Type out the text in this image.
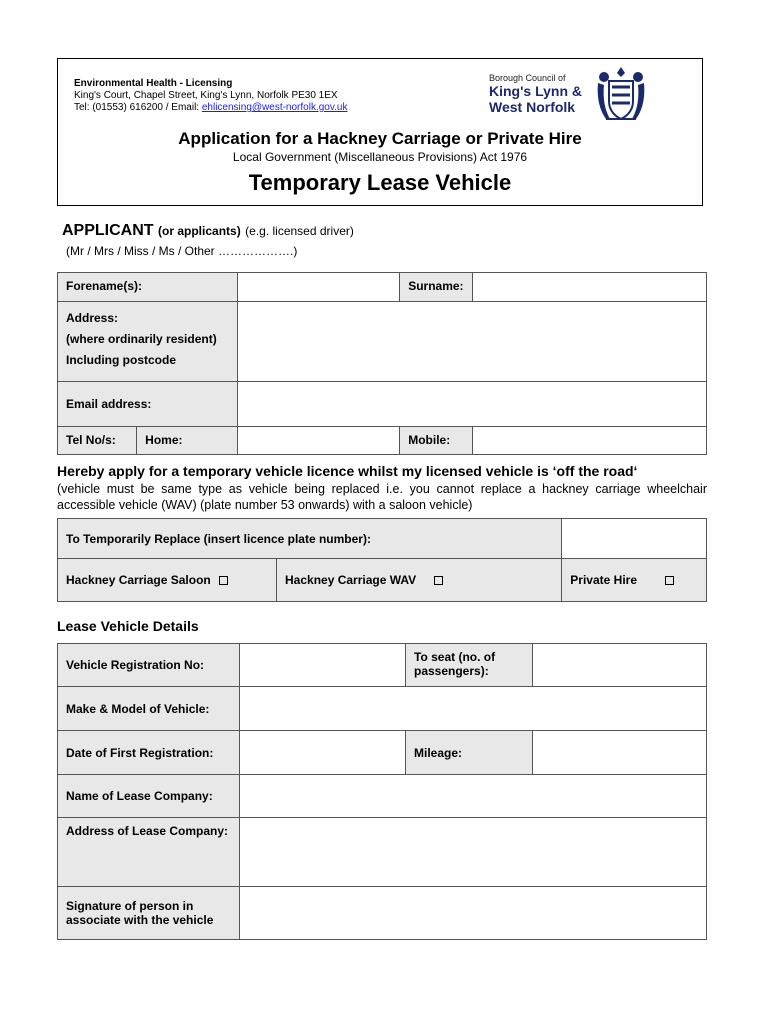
Environmental Health - Licensing
King's Court, Chapel Street, King's Lynn, Norfolk PE30 1EX
Tel: (01553) 616200 / Email: ehlicensing@west-norfolk.gov.uk
Borough Council of
King's Lynn &
West Norfolk
Application for a Hackney Carriage or Private Hire
Local Government (Miscellaneous Provisions) Act 1976
Temporary Lease Vehicle
APPLICANT (or applicants) (e.g. licensed driver)
(Mr / Mrs / Miss / Ms / Other ……………….)
Forename(s):			Surname:	

Address:
(where ordinarily resident)
Including postcode				

Email address:				
Tel No/s:	Home:		Mobile:	
Hereby apply for a temporary vehicle licence whilst my licensed vehicle is ‘off the road‘
(vehicle must be same type as vehicle being replaced i.e. you cannot replace a hackney carriage wheelchair accessible vehicle (WAV) (plate number 53 onwards) with a saloon vehicle)
To Temporarily Replace (insert licence plate number):		
Hackney Carriage Saloon	Hackney Carriage WAV	Private Hire
Lease Vehicle Details
Vehicle Registration No:		To seat (no. of passengers):	
Make & Model of Vehicle:			
Date of First Registration:		Mileage:	
Name of Lease Company:			
Address of Lease Company:			
Signature of person in associate with the vehicle			
